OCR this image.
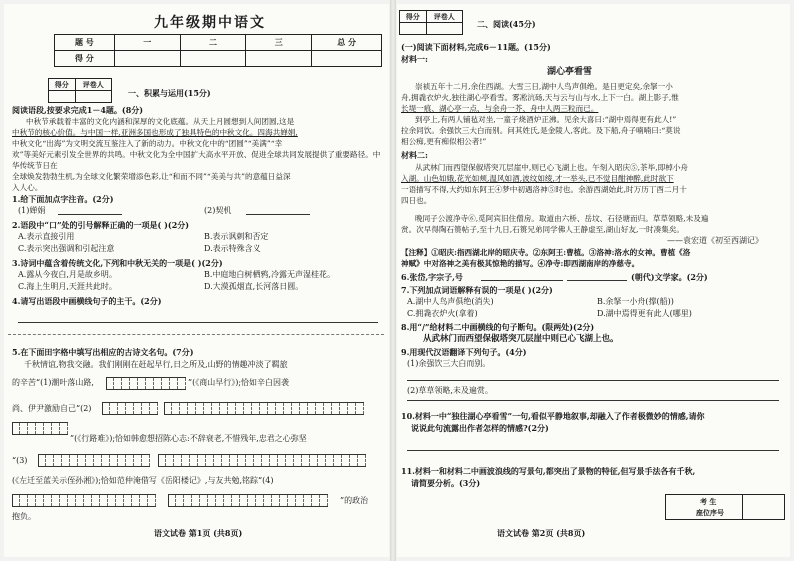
九年级期中语文
题 号	一	二	三	总 分
得 分				
得分	评卷人

一、积累与运用(15分)
阅读语段,按要求完成1－4题。(8分)
中秋节承载着丰富的文化内涵和深厚的文化底蕴。从天上月圆想到人间团圆,这是
中秋节的核心价值。与中国一样,亚洲多国也形成了独具特色的中秋文化。四海共婵娟,
中秋文化“出海”为文明交流互鉴注入了新的动力。中秋文化中的“团圆”“美满”“幸
欢”等美好元素引发全世界的共鸣。中秋文化为全中国扩大高水平开放、促进全球共同发展提供了重要路径。中华传统节日在
全球焕发勃勃生机,为全球文化繁荣增添色彩,让“和而不同”“美美与共”的意蕴日益深
入人心。
1.给下面加点字注音。(2分)
(1)婵娟	(2)契机
2.语段中“口”处的引号解释正确的一项是( )(2分)
A.表示直接引用	B.表示讽刺和否定
C.表示突出强调和引起注意	D.表示特殊含义
3.诗词中蕴含着传统文化,下列和中秋无关的一项是( )(2分)
A.露从今夜白,月是故乡明。	B.中庭地白树栖鸦,冷露无声湿桂花。
C.海上生明月,天涯共此时。	D.大漠孤烟直,长河落日圆。
4.请写出语段中画横线句子的主干。(2分)
5.在下面田字格中填写出相应的古诗文名句。(7分)
千秋情谊,物我交融。我们刚刚在赶起早行,日之所及,山野的情趣冲淡了羁旅
的辛苦“(1)潮叶落山路,	”(《商山早行》);恰如辛白因袭
尚、伊尹激励自己“(2)
”(《行路难》);恰如韩愈想招陈心志:不辞衰老,不惜残年,忠君之心弥坚
“(3)
(《左迁至蓝关示侄孙湘》);恰如范仲淹借写《岳阳楼记》,与友共勉,铭踪“(4)
”的政治
抱负。
语文试卷 第1页 (共8页)
得分	评卷人

二、阅读(45分)
(一)阅读下面材料,完成6－11题。(15分)
材料一:
湖心亭看雪
崇祯五年十二月,余住西湖。大雪三日,湖中人鸟声俱绝。是日更定矣,余拏一小
舟,拥毳衣炉火,独往湖心亭看雪。雾凇沆砀,天与云与山与水,上下一白。湖上影子,惟
长堤一痕、湖心亭一点、与余舟一芥、舟中人两三粒而已。
到亭上,有两人铺毡对坐,一童子烧酒炉正沸。见余大喜曰:“湖中焉得更有此人!”
拉余同饮。余强饮三大白而别。问其姓氏,是金陵人,客此。及下船,舟子喃喃曰:“莫说
相公痴,更有痴似相公者!”
材料二:
从武林门而西望保俶塔突兀层崖中,则已心飞湖上也。午刻入昭庆⑤,茶毕,即棹小舟
入湖。山色如娥,花光如颊,温风如酒,波纹如绫,才一举头,已不觉目酣神醉,此时欲下
一语描写不得,大约如东阿王④梦中初遇洛神⑤时也。余游西湖始此,时万历丁酉二月十
四日也。
晚同子公渡净寺⑥,觅阿宾旧住僧房。取道由六桥、岳坟、石径塘而归。草草领略,未及遍
赏。次早得陶石篑帖子,至十九日,石篑兄弟同学佛人王静虚至,湖山好友,一时凑集矣。
——袁宏道《初至西湖记》
【注释】①昭庆:指西湖北岸的昭庆寺。②东阿王:曹植。③洛神:洛水的女神。曹植《洛
神赋》中对洛神之美有极其惊艳的描写。④净寺:即西湖南岸的净慈寺。
6.张岱,字宗子,号	(朝代)文学家。(2分)
7.下列加点词语解释有误的一项是( )(2分)
A.湖中人鸟声俱绝(消失)	B.余拏一小舟(撑(船))
C.拥毳衣炉火(拿着)	D.湖中焉得更有此人(哪里)
8.用“/”给材料二中画横线的句子断句。(限两处)(2分)
从武林门而西望保俶塔突兀层崖中则已心飞湖上也。
9.用现代汉语翻译下列句子。(4分)
(1)余强饮三大白而别。
(2)草草领略,未及遍赏。
10.材料一中“独往湖心亭看雪”一句,看似平静地叙事,却融入了作者极微妙的情感,请你
说说此句流露出作者怎样的情感?(2分)
11.材料一和材料二中画波浪线的写景句,都突出了景物的特征,但写景手法各有千秋,
请简要分析。(3分)
考 生
座位序号
语文试卷 第2页 (共8页)
